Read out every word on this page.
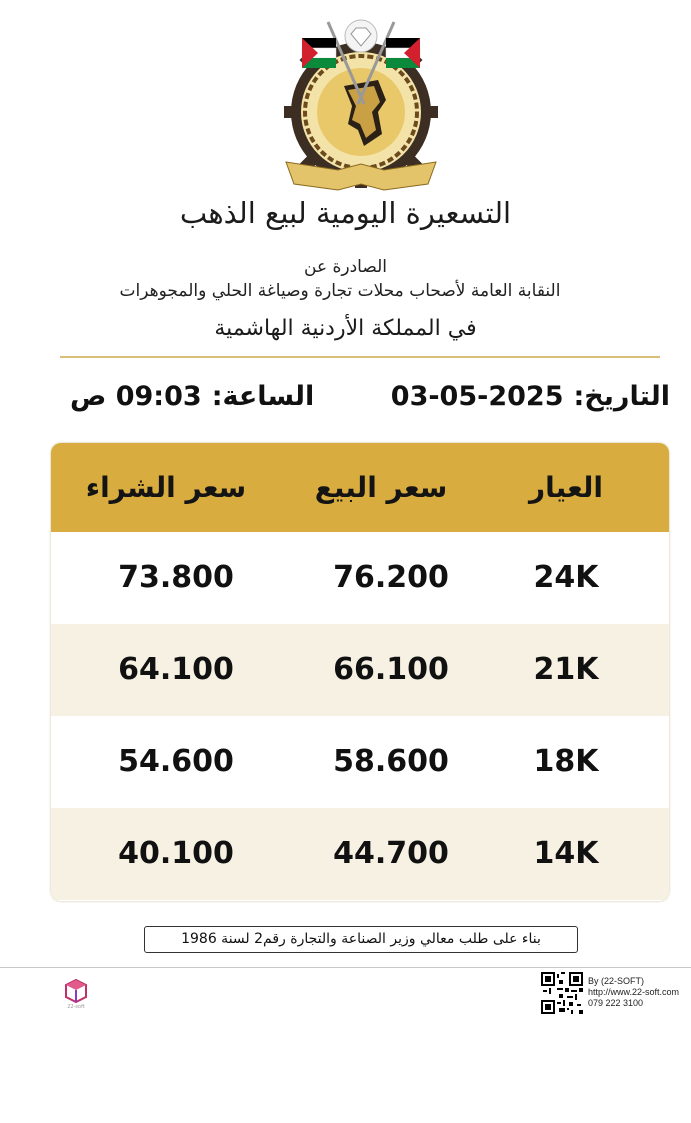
التسعيرة اليومية لبيع الذهب
الصادرة عن
النقابة العامة لأصحاب محلات تجارة وصياغة الحلي والمجوهرات
في المملكة الأردنية الهاشمية
التاريخ:03-05-2025
الساعة:09:03 ص
العيار
سعر البيع
سعر الشراء
24K
76.200
73.800
21K
66.100
64.100
18K
58.600
54.600
14K
44.700
40.100
بناء على طلب معالي وزير الصناعة والتجارة رقم2 لسنة 1986
22-soft
By (22-SOFT)
http://www.22-soft.com
079 222 3100
